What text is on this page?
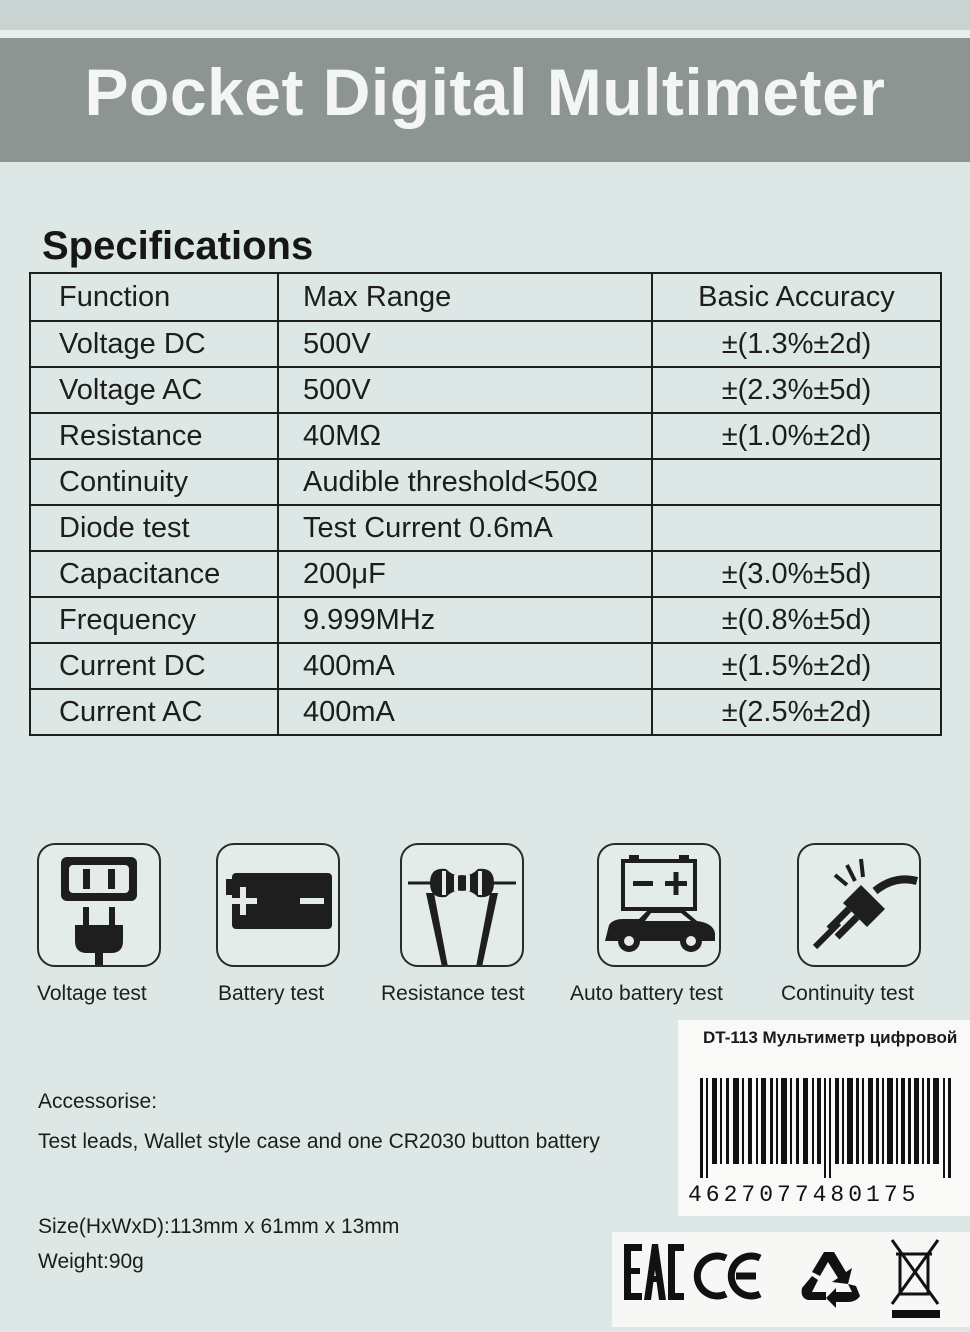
Pocket Digital Multimeter
Specifications
Function	Max Range	Basic Accuracy
Voltage DC	500V	±(1.3%±2d)
Voltage AC	500V	±(2.3%±5d)
Resistance	40MΩ	±(1.0%±2d)
Continuity	Audible threshold<50Ω	
Diode test	Test Current 0.6mA	
Capacitance	200μF	±(3.0%±5d)
Frequency	9.999MHz	±(0.8%±5d)
Current DC	400mA	±(1.5%±2d)
Current AC	400mA	±(2.5%±2d)
Voltage test	Battery test	Resistance test Auto battery test	Continuity test
DT-113 Мультиметр цифровой
4627077480175
Accessorise:
Test leads, Wallet style case and one CR2030 button battery
Size(HxWxD):113mm x 61mm x 13mm
Weight:90g
